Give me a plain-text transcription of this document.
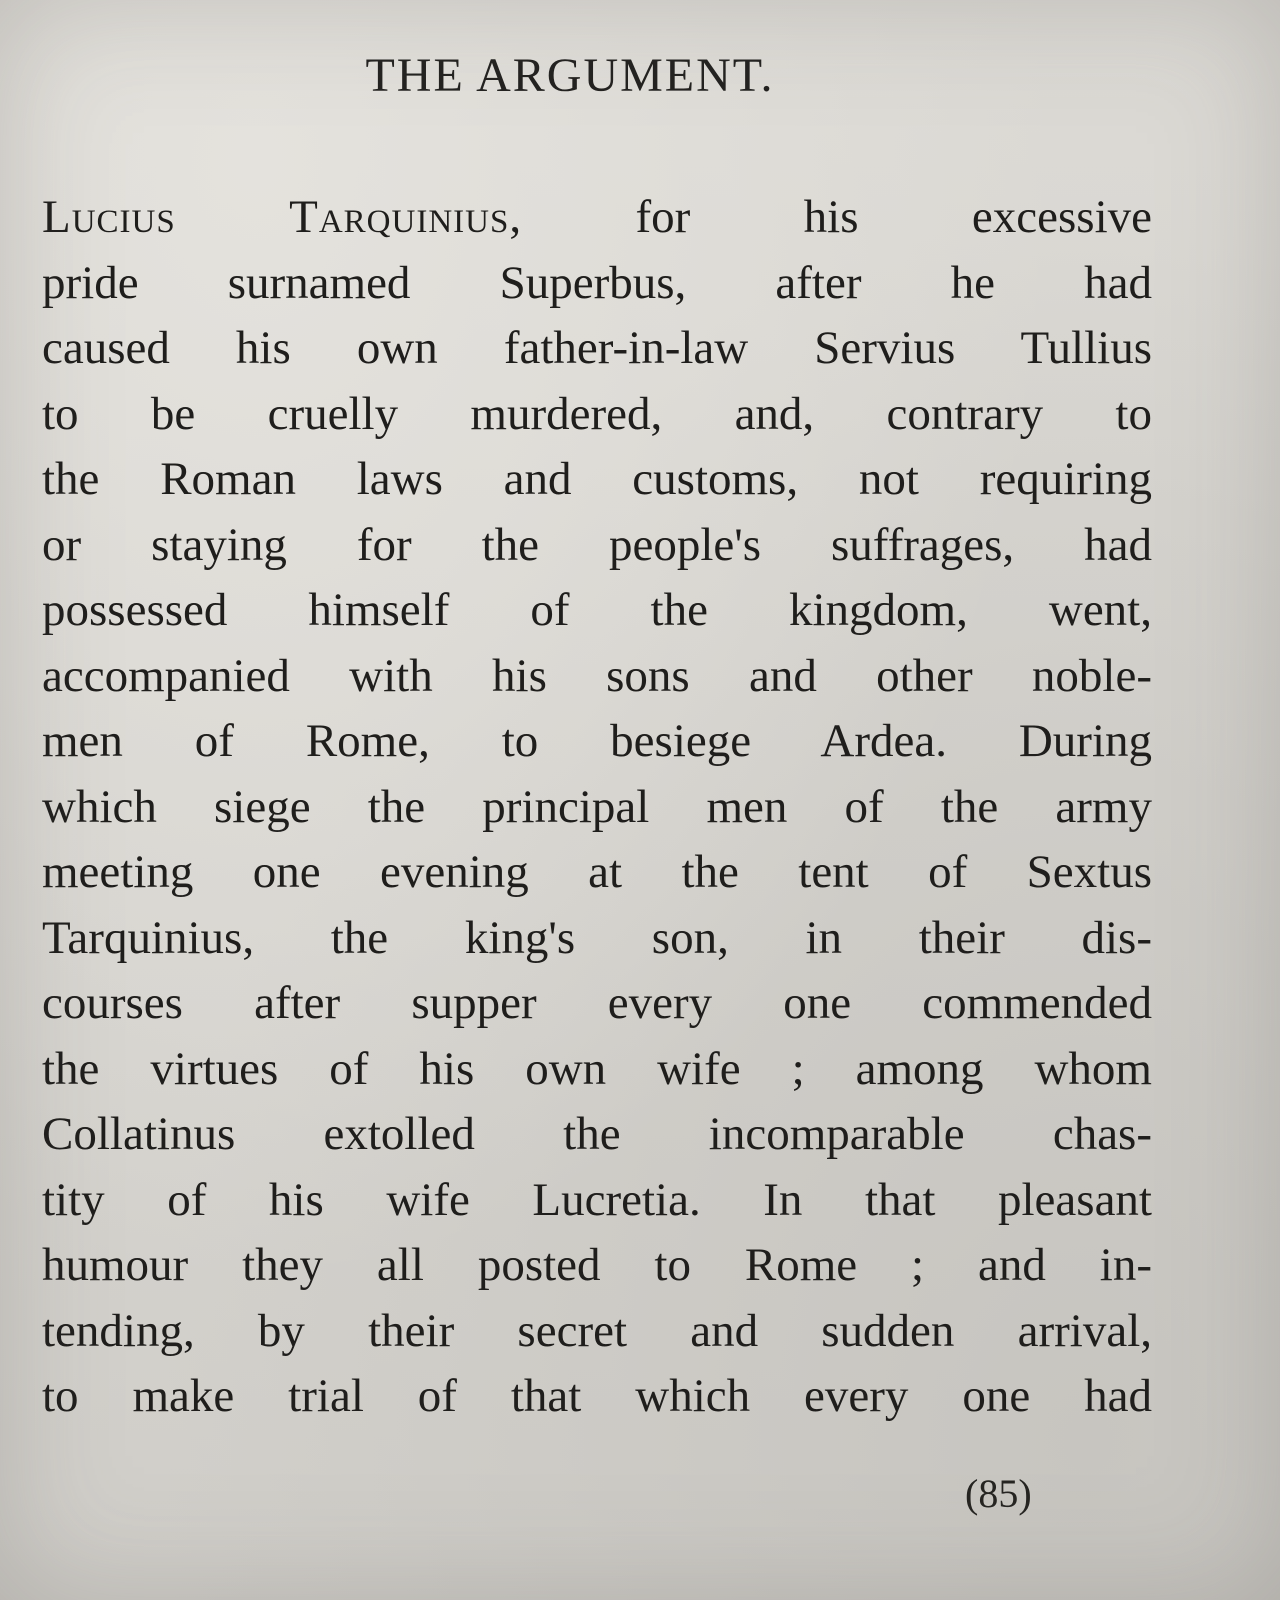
THE ARGUMENT.
Lucius Tarquinius, for his excessive
pride surnamed Superbus, after he had
caused his own father-in-law Servius Tullius
to be cruelly murdered, and, contrary to
the Roman laws and customs, not requiring
or staying for the people's suffrages, had
possessed himself of the kingdom, went,
accompanied with his sons and other noble-
men of Rome, to besiege Ardea. During
which siege the principal men of the army
meeting one evening at the tent of Sextus
Tarquinius, the king's son, in their dis-
courses after supper every one commended
the virtues of his own wife ; among whom
Collatinus extolled the incomparable chas-
tity of his wife Lucretia. In that pleasant
humour they all posted to Rome ; and in-
tending, by their secret and sudden arrival,
to make trial of that which every one had
(85)
